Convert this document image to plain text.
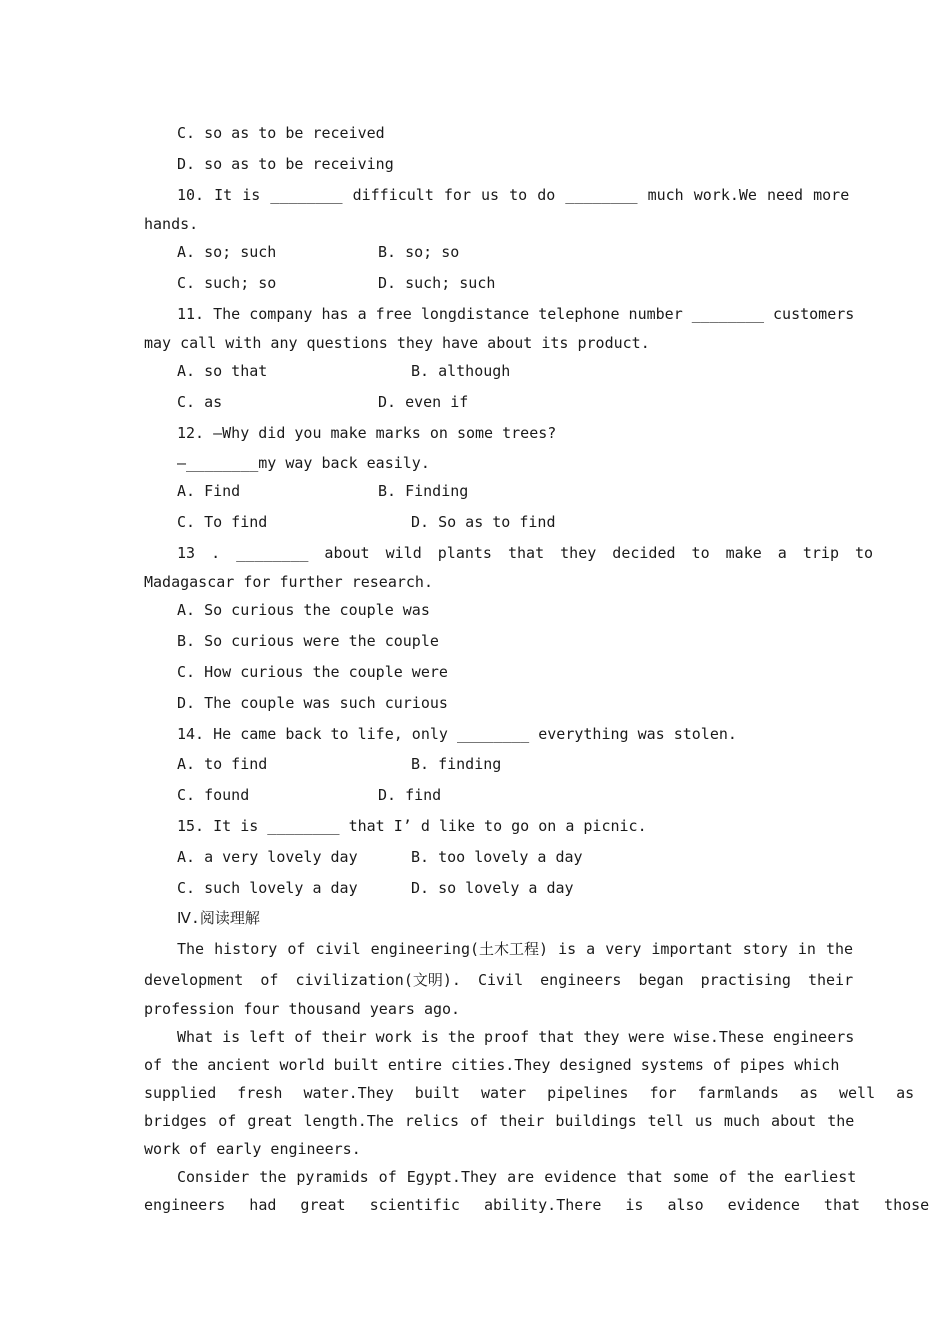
C. so as to be received
D. so as to be receiving
10. It is ________ difficult for us to do ________ much work.We need more
hands.
A. so; such	B. so; so
C. such; so	D. such; such
11. The company has a free longdistance telephone number ________ customers
may call with any questions they have about its product.
A. so that	B. although
C. as	D. even if
12. —Why did you make marks on some trees?
—________my way back easily.
A. Find	B. Finding
C. To find	D. So as to find
13 . ________ about wild plants that they decided to make a trip to
Madagascar for further research.
A. So curious the couple was
B. So curious were the couple
C. How curious the couple were
D. The couple was such curious
14. He came back to life, only ________ everything was stolen.
A. to find	B. finding
C. found	D. find
15. It is ________ that I’ d like to go on a picnic.
A. a very lovely day	B. too lovely a day
C. such lovely a day	D. so lovely a day
Ⅳ.阅读理解
The history of civil engineering(土木工程) is a very important story in the
development of civilization(文明). Civil engineers began practising their
profession four thousand years ago.
What is left of their work is the proof that they were wise.These engineers
of the ancient world built entire cities.They designed systems of pipes which
supplied fresh water.They built water pipelines for farmlands as well as
bridges of great length.The relics of their buildings tell us much about the
work of early engineers.
Consider the pyramids of Egypt.They are evidence that some of the earliest
engineers had great scientific ability.There is also evidence that those
